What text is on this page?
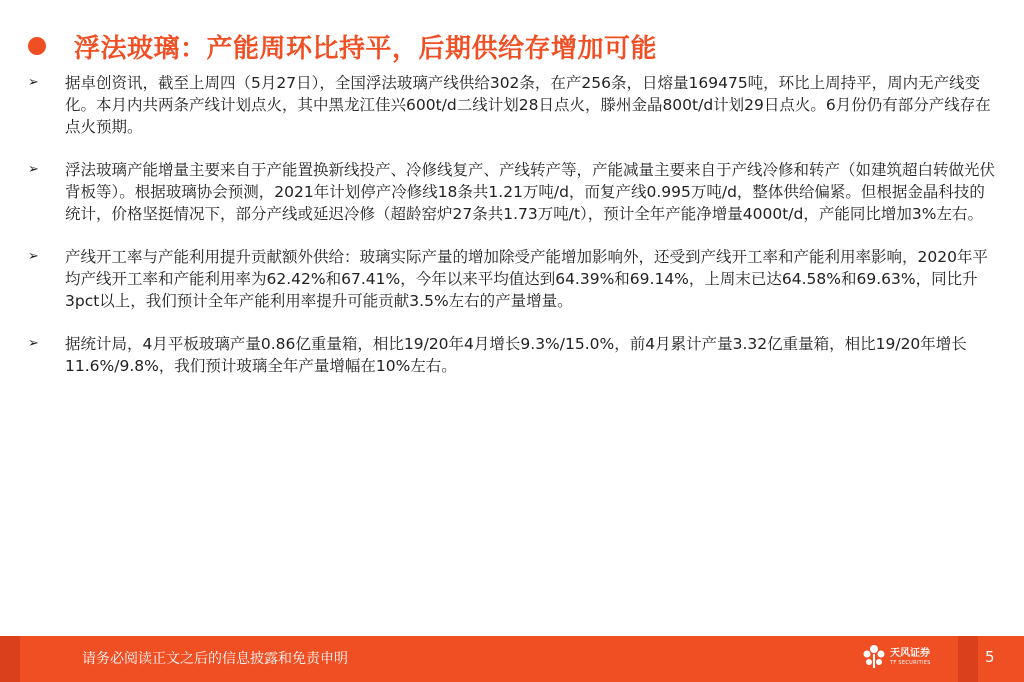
浮法玻璃：产能周环比持平，后期供给存增加可能
➢ 据卓创资讯，截至上周四（5月27日），全国浮法玻璃产线供给302条，在产256条，日熔量169475吨，环比上周持平，周内无产线变化。本月内共两条产线计划点火，其中黑龙江佳兴600t/d二线计划28日点火，滕州金晶800t/d计划29日点火。6月份仍有部分产线存在点火预期。
➢ 浮法玻璃产能增量主要来自于产能置换新线投产、冷修线复产、产线转产等，产能减量主要来自于产线冷修和转产（如建筑超白转做光伏背板等）。根据玻璃协会预测，2021年计划停产冷修线18条共1.21万吨/d，而复产线0.995万吨/d，整体供给偏紧。但根据金晶科技的统计，价格坚挺情况下，部分产线或延迟冷修（超龄窑炉27条共1.73万吨/t），预计全年产能净增量4000t/d，产能同比增加3%左右。
➢ 产线开工率与产能利用提升贡献额外供给：玻璃实际产量的增加除受产能增加影响外，还受到产线开工率和产能利用率影响，2020年平均产线开工率和产能利用率为62.42%和67.41%，今年以来平均值达到64.39%和69.14%，上周末已达64.58%和69.63%，同比升3pct以上，我们预计全年产能利用率提升可能贡献3.5%左右的产量增量。
➢ 据统计局，4月平板玻璃产量0.86亿重量箱，相比19/20年4月增长9.3%/15.0%，前4月累计产量3.32亿重量箱，相比19/20年增长11.6%/9.8%，我们预计玻璃全年产量增幅在10%左右。
请务必阅读正文之后的信息披露和免责申明	天风证券
TF SECURITIES	5
